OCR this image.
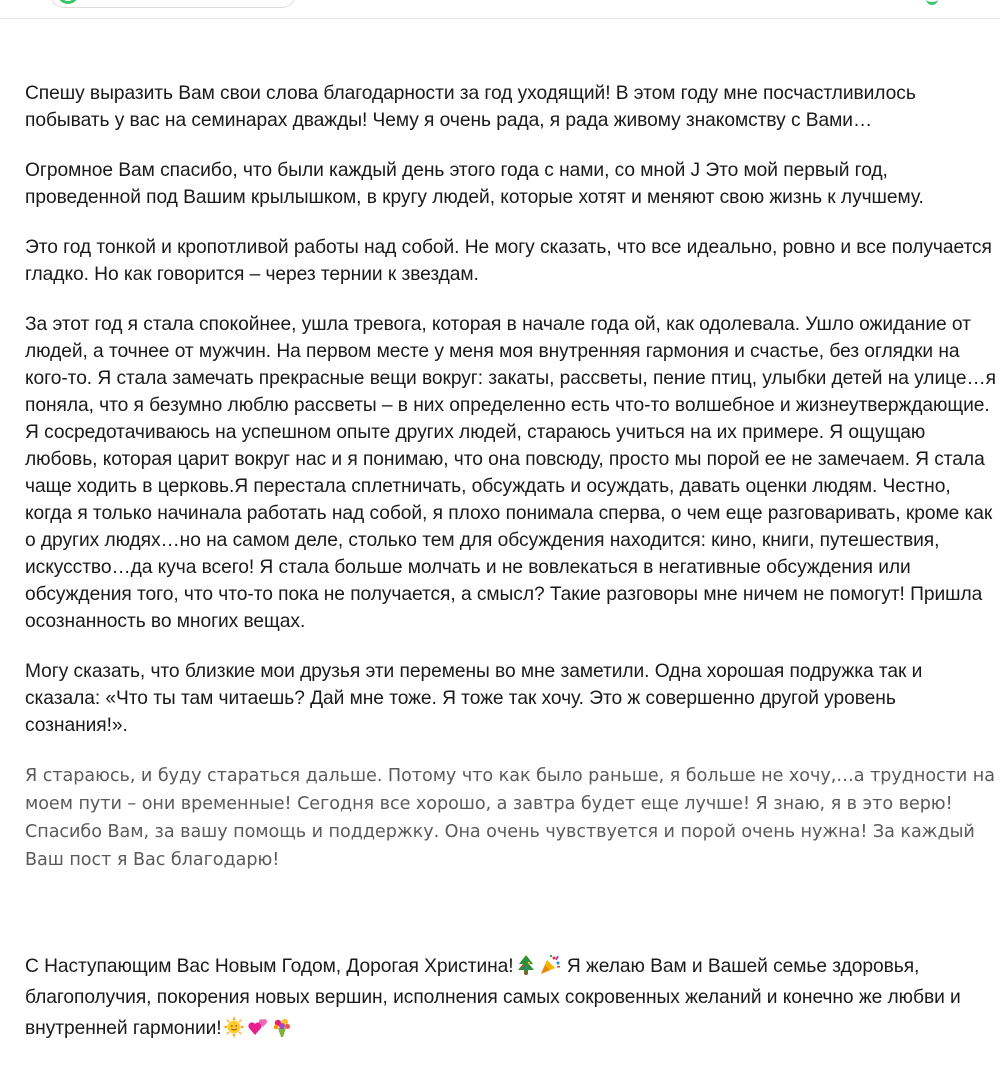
Спешу выразить Вам свои слова благодарности за год уходящий! В этом году мне посчастливилось побывать у вас на семинарах дважды! Чему я очень рада, я рада живому знакомству с Вами…

Огромное Вам спасибо, что были каждый день этого года с нами, со мной J Это мой первый год, проведенной под Вашим крылышком, в кругу людей, которые хотят и меняют свою жизнь к лучшему.

Это год тонкой и кропотливой работы над собой. Не могу сказать, что все идеально, ровно и все получается гладко. Но как говорится – через тернии к звездам.

За этот год я стала спокойнее, ушла тревога, которая в начале года ой, как одолевала. Ушло ожидание от людей, а точнее от мужчин. На первом месте у меня моя внутренняя гармония и счастье, без оглядки на кого-то. Я стала замечать прекрасные вещи вокруг: закаты, рассветы, пение птиц, улыбки детей на улице…я поняла, что я безумно люблю рассветы – в них определенно есть что-то волшебное и жизнеутверждающие. Я сосредотачиваюсь на успешном опыте других людей, стараюсь учиться на их примере. Я ощущаю любовь, которая царит вокруг нас и я понимаю, что она повсюду, просто мы порой ее не замечаем. Я стала чаще ходить в церковь.Я перестала сплетничать, обсуждать и осуждать, давать оценки людям. Честно, когда я только начинала работать над собой, я плохо понимала сперва, о чем еще разговаривать, кроме как о других людях…но на самом деле, столько тем для обсуждения находится: кино, книги, путешествия, искусство…да куча всего! Я стала больше молчать и не вовлекаться в негативные обсуждения или обсуждения того, что что-то пока не получается, а смысл? Такие разговоры мне ничем не помогут! Пришла осознанность во многих вещах.

Могу сказать, что близкие мои друзья эти перемены во мне заметили. Одна хорошая подружка так и сказала: «Что ты там читаешь? Дай мне тоже. Я тоже так хочу. Это ж совершенно другой уровень сознания!».

Я стараюсь, и буду стараться дальше. Потому что как было раньше, я больше не хочу,…а трудности на моем пути – они временные! Сегодня все хорошо, а завтра будет еще лучше! Я знаю, я в это верю! Спасибо Вам, за вашу помощь и поддержку. Она очень чувствуется и порой очень нужна! За каждый Ваш пост я Вас благодарю!

С Наступающим Вас Новым Годом, Дорогая Христина!	Я желаю Вам и Вашей семье здоровья, благополучия, покорения новых вершин, исполнения самых сокровенных желаний и конечно же любви и внутренней гармонии!
